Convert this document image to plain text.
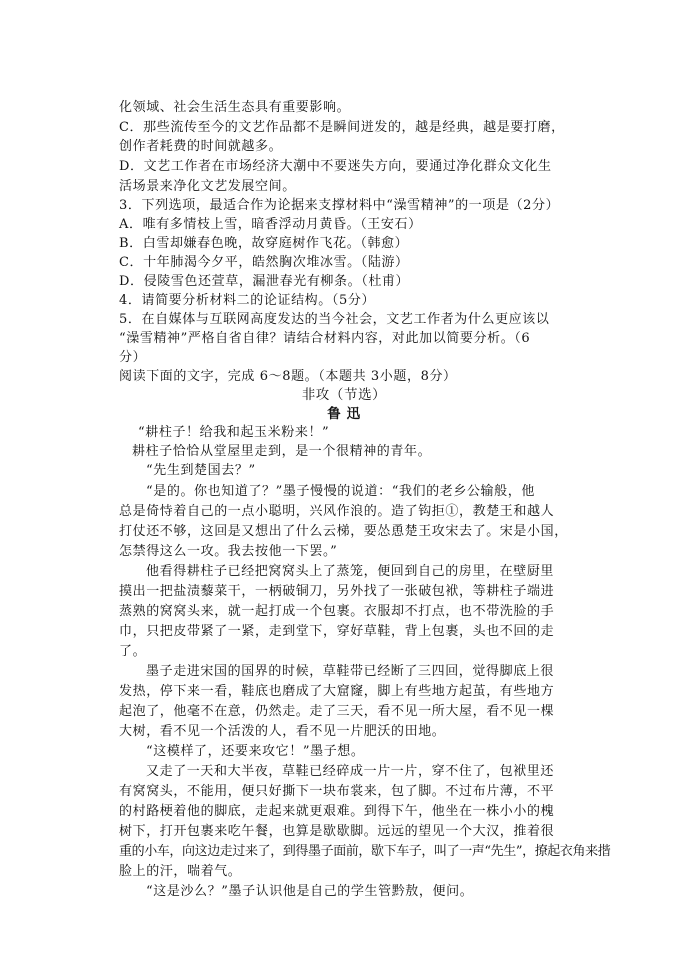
化领域、社会生活生态具有重要影响。
C．那些流传至今的文艺作品都不是瞬间迸发的，越是经典，越是要打磨，
创作者耗费的时间就越多。
D．文艺工作者在市场经济大潮中不要迷失方向，要通过净化群众文化生
活场景来净化文艺发展空间。
3．下列选项，最适合作为论据来支撑材料中“澡雪精神”的一项是（2分）
A．唯有多情枝上雪，暗香浮动月黄昏。（王安石）
B．白雪却嫌春色晚，故穿庭树作飞花。（韩愈）
C．十年肺渴今夕平，皓然胸次堆冰雪。（陆游）
D．侵陵雪色还萱草，漏泄春光有柳条。（杜甫）
4．请简要分析材料二的论证结构。（5分）
5．在自媒体与互联网高度发达的当今社会，文艺工作者为什么更应该以
“澡雪精神”严格自省自律？请结合材料内容，对此加以简要分析。（6
分）
阅读下面的文字，完成 6～8题。（本题共 3小题，8分）
非攻（节选）
鲁 迅
“耕柱子！给我和起玉米粉来！”
耕柱子恰恰从堂屋里走到，是一个很精神的青年。
“先生到楚国去？”
“是的。你也知道了？”墨子慢慢的说道：“我们的老乡公输般，他
总是倚恃着自己的一点小聪明，兴风作浪的。造了钩拒①，教楚王和越人
打仗还不够，这回是又想出了什么云梯，要怂恿楚王攻宋去了。宋是小国，
怎禁得这么一攻。我去按他一下罢。”
他看得耕柱子已经把窝窝头上了蒸笼，便回到自己的房里，在壁厨里
摸出一把盐渍藜菜干，一柄破铜刀，另外找了一张破包袱，等耕柱子端进
蒸熟的窝窝头来，就一起打成一个包裹。衣服却不打点，也不带洗脸的手
巾，只把皮带紧了一紧，走到堂下，穿好草鞋，背上包裹，头也不回的走
了。
墨子走进宋国的国界的时候，草鞋带已经断了三四回，觉得脚底上很
发热，停下来一看，鞋底也磨成了大窟窿，脚上有些地方起茧，有些地方
起泡了，他毫不在意，仍然走。走了三天，看不见一所大屋，看不见一棵
大树，看不见一个活泼的人，看不见一片肥沃的田地。
“这模样了，还要来攻它！”墨子想。
又走了一天和大半夜，草鞋已经碎成一片一片，穿不住了，包袱里还
有窝窝头，不能用，便只好撕下一块布裳来，包了脚。不过布片薄，不平
的村路梗着他的脚底，走起来就更艰难。到得下午，他坐在一株小小的槐
树下，打开包裹来吃午餐，也算是歇歇脚。远远的望见一个大汉，推着很
重的小车，向这边走过来了，到得墨子面前，歇下车子，叫了一声“先生”，撩起衣角来揩
脸上的汗，喘着气。
“这是沙么？”墨子认识他是自己的学生管黔敖，便问。
